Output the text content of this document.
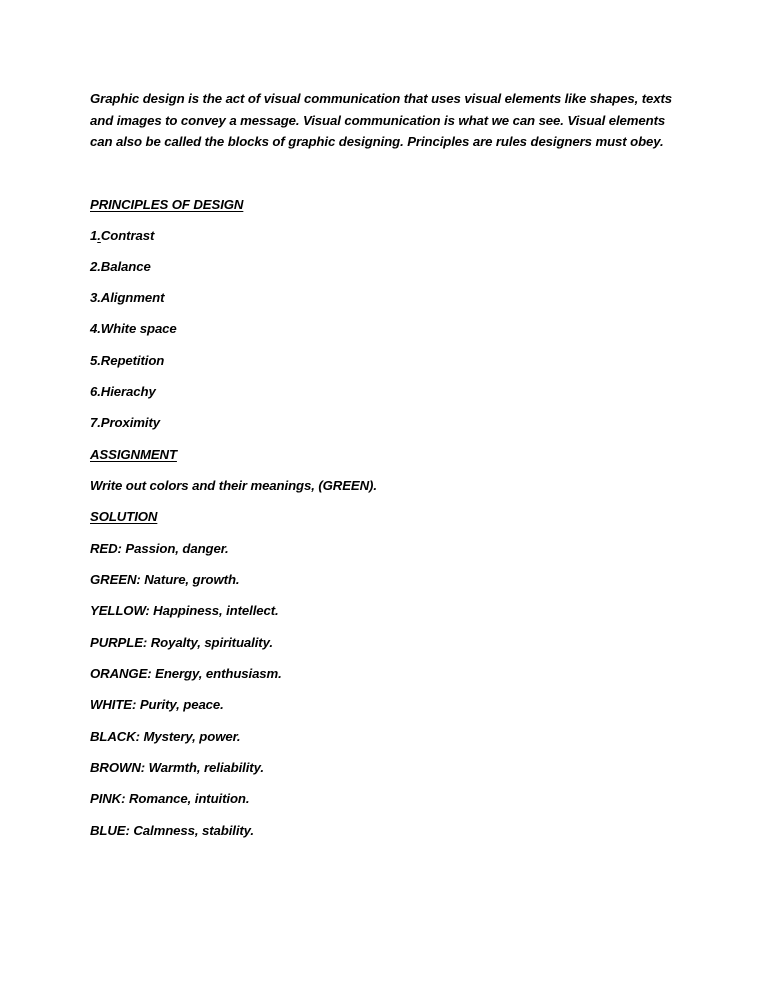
Graphic design is the act of visual communication that uses visual elements like shapes, texts and images to convey a message. Visual communication is what we can see. Visual elements can also be called the blocks of graphic designing. Principles are rules designers must obey.

PRINCIPLES OF DESIGN

1.Contrast

2.Balance

3.Alignment

4.White space

5.Repetition

6.Hierachy

7.Proximity

ASSIGNMENT

Write out colors and their meanings, (GREEN).

SOLUTION

RED: Passion, danger.

GREEN: Nature, growth.

YELLOW: Happiness, intellect.

PURPLE: Royalty, spirituality.

ORANGE: Energy, enthusiasm.

WHITE: Purity, peace.

BLACK: Mystery, power.

BROWN: Warmth, reliability.

PINK: Romance, intuition.

BLUE: Calmness, stability.
